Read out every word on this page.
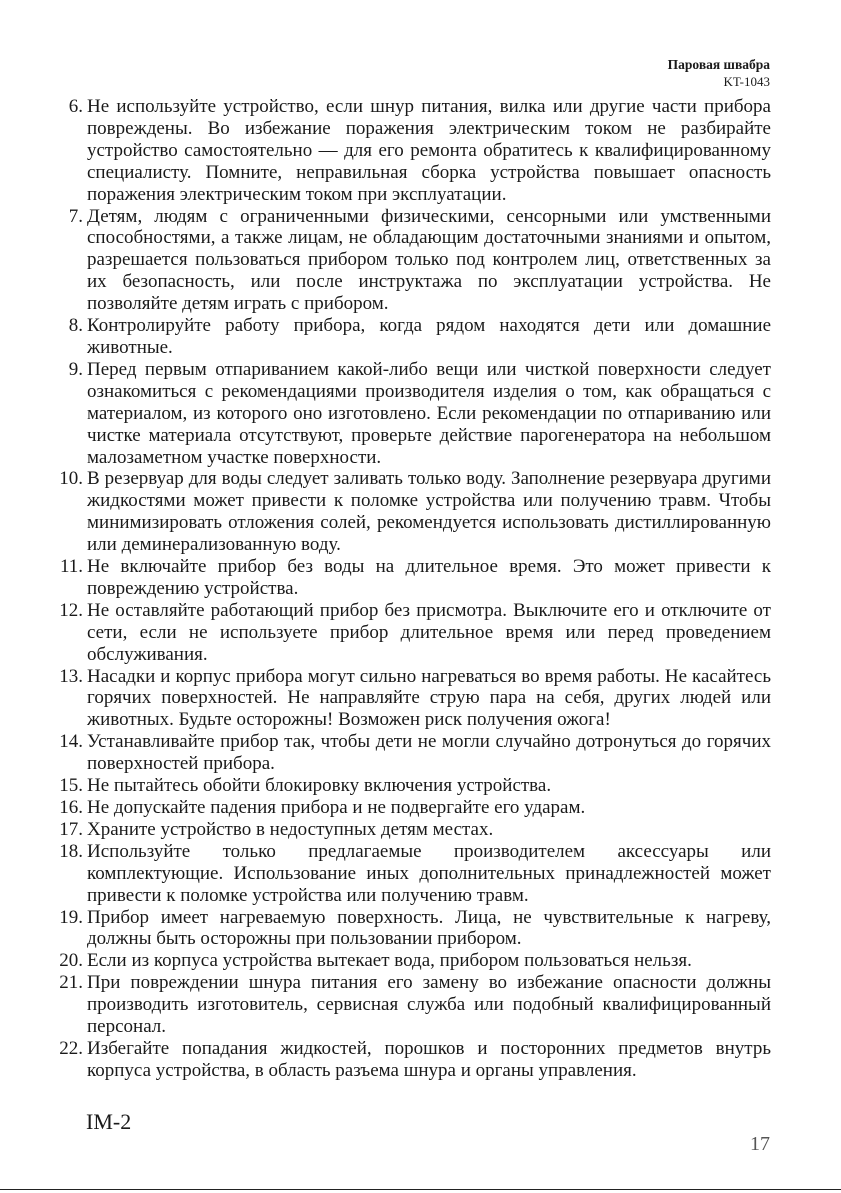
Паровая швабра
KT-1043
6. Не используйте устройство, если шнур питания, вилка или другие части прибора повреждены. Во избежание поражения электрическим током не разбирайте устройство самостоятельно — для его ремонта обратитесь к квалифицированному специалисту. Помните, неправильная сборка устройства повышает опасность поражения электрическим током при эксплуатации.
7. Детям, людям с ограниченными физическими, сенсорными или умственными способностями, а также лицам, не обладающим достаточными знаниями и опытом, разрешается пользоваться прибором только под контролем лиц, ответственных за их безопасность, или после инструктажа по эксплуатации устройства. Не позволяйте детям играть с прибором.
8. Контролируйте работу прибора, когда рядом находятся дети или домашние животные.
9. Перед первым отпариванием какой-либо вещи или чисткой поверхности следует ознакомиться с рекомендациями производителя изделия о том, как обращаться с материалом, из которого оно изготовлено. Если рекомендации по отпариванию или чистке материала отсутствуют, проверьте действие парогенератора на небольшом малозаметном участке поверхности.
10. В резервуар для воды следует заливать только воду. Заполнение резервуара другими жидкостями может привести к поломке устройства или получению травм. Чтобы минимизировать отложения солей, рекомендуется использовать дистиллированную или деминерализованную воду.
11. Не включайте прибор без воды на длительное время. Это может привести к повреждению устройства.
12. Не оставляйте работающий прибор без присмотра. Выключите его и отключите от сети, если не используете прибор длительное время или перед проведением обслуживания.
13. Насадки и корпус прибора могут сильно нагреваться во время работы. Не касайтесь горячих поверхностей. Не направляйте струю пара на себя, других людей или животных. Будьте осторожны! Возможен риск получения ожога!
14. Устанавливайте прибор так, чтобы дети не могли случайно дотронуться до горячих поверхностей прибора.
15. Не пытайтесь обойти блокировку включения устройства.
16. Не допускайте падения прибора и не подвергайте его ударам.
17. Храните устройство в недоступных детям местах.
18. Используйте только предлагаемые производителем аксессуары или комплектующие. Использование иных дополнительных принадлежностей может привести к поломке устройства или получению травм.
19. Прибор имеет нагреваемую поверхность. Лица, не чувствительные к нагреву, должны быть осторожны при пользовании прибором.
20. Если из корпуса устройства вытекает вода, прибором пользоваться нельзя.
21. При повреждении шнура питания его замену во избежание опасности должны производить изготовитель, сервисная служба или подобный квалифицированный персонал.
22. Избегайте попадания жидкостей, порошков и посторонних предметов внутрь корпуса устройства, в область разъема шнура и органы управления.
IM-2
17
